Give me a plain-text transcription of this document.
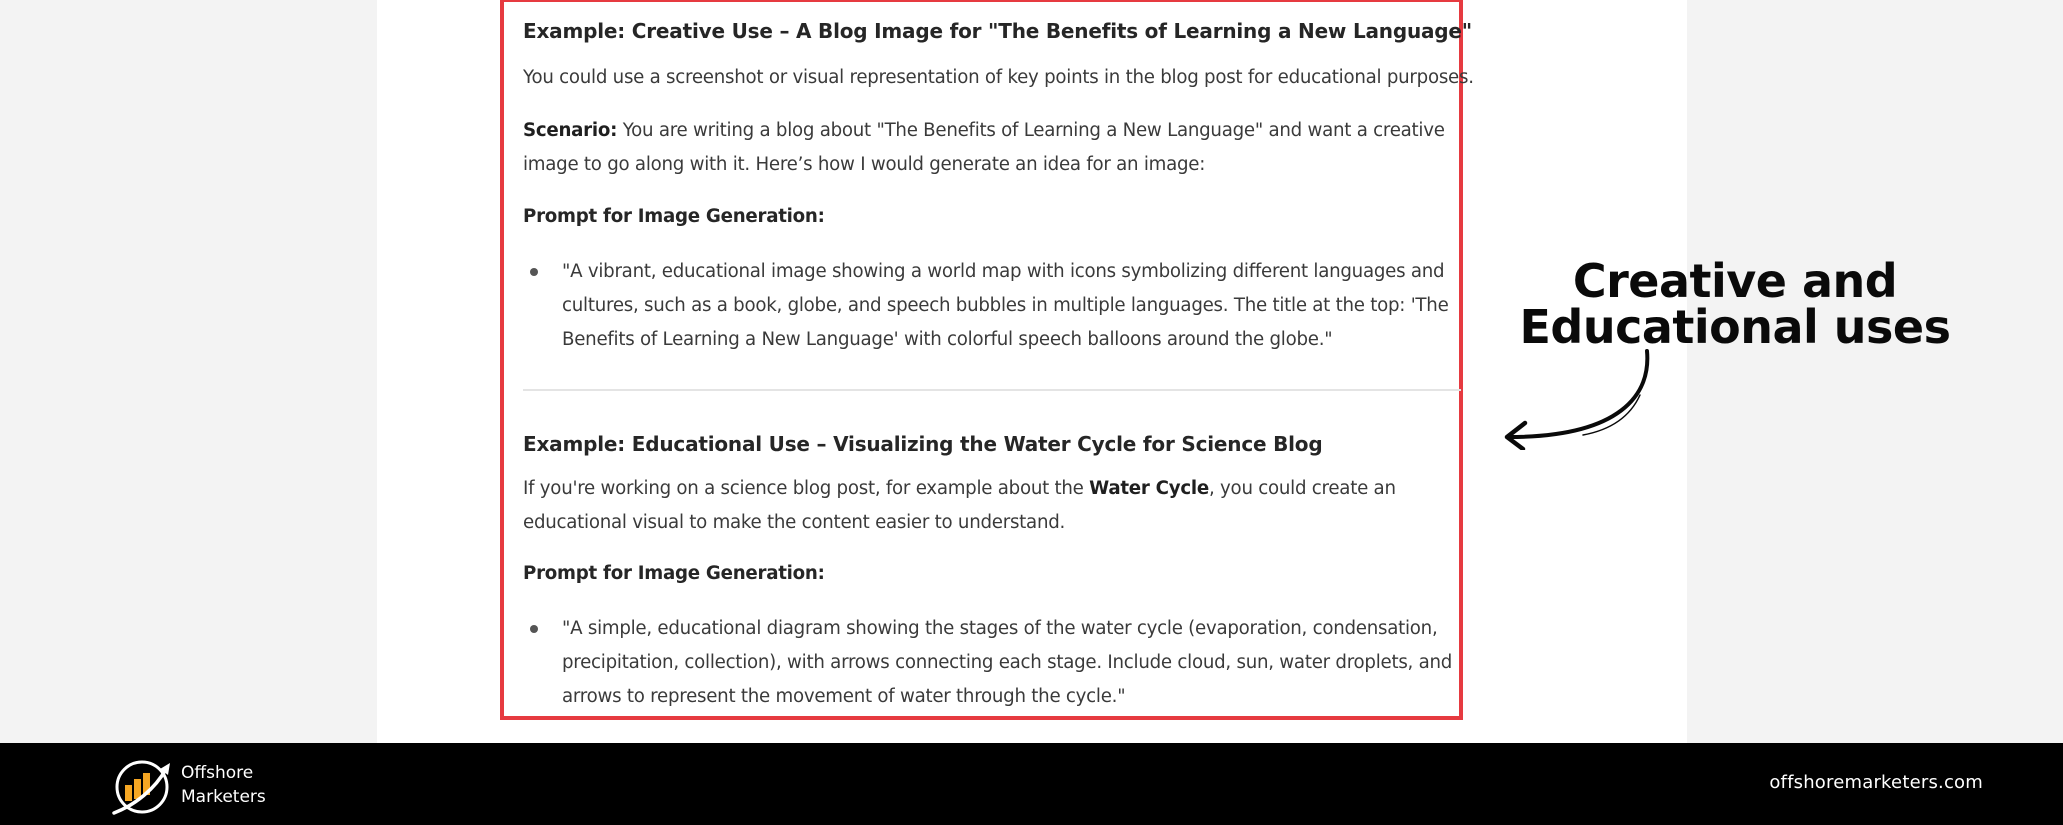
Example: Creative Use – A Blog Image for "The Benefits of Learning a New Language"
You could use a screenshot or visual representation of key points in the blog post for educational purposes.
Scenario: You are writing a blog about "The Benefits of Learning a New Language" and want a creative
image to go along with it. Here’s how I would generate an idea for an image:
Prompt for Image Generation:
"A vibrant, educational image showing a world map with icons symbolizing different languages and
cultures, such as a book, globe, and speech bubbles in multiple languages. The title at the top: 'The
Benefits of Learning a New Language' with colorful speech balloons around the globe."
Example: Educational Use – Visualizing the Water Cycle for Science Blog
If you're working on a science blog post, for example about the Water Cycle, you could create an
educational visual to make the content easier to understand.
Prompt for Image Generation:
"A simple, educational diagram showing the stages of the water cycle (evaporation, condensation,
precipitation, collection), with arrows connecting each stage. Include cloud, sun, water droplets, and
arrows to represent the movement of water through the cycle."
Creative and
Educational uses
Offshore
Marketers
offshoremarketers.com
